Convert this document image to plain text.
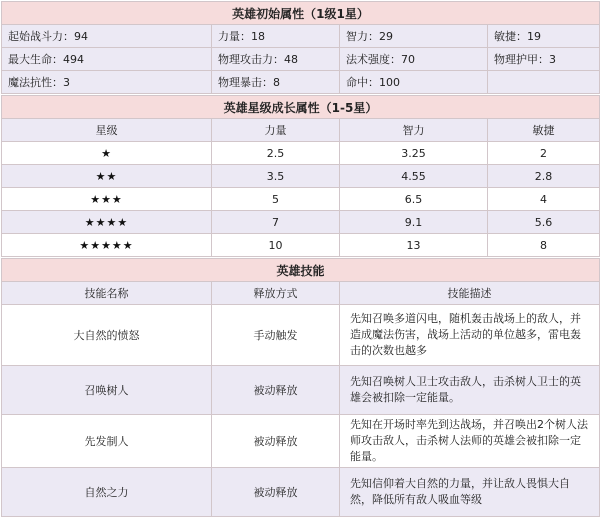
英雄初始属性（1级1星）			
起始战斗力：94	力量：18	智力：29	敏捷：19
最大生命：494	物理攻击力：48	法术强度：70	物理护甲：3
魔法抗性：3	物理暴击：8	命中：100	
英雄星级成长属性（1-5星）			
星级	力量	智力	敏捷
★	2.5	3.25	2
★★	3.5	4.55	2.8
★★★	5	6.5	4
★★★★	7	9.1	5.6
★★★★★	10	13	8
英雄技能		
技能名称	释放方式	技能描述
大自然的愤怒	手动触发	先知召唤多道闪电，随机轰击战场上的敌人，并造成魔法伤害，战场上活动的单位越多，雷电轰击的次数也越多
召唤树人	被动释放	先知召唤树人卫士攻击敌人，击杀树人卫士的英雄会被扣除一定能量。
先发制人	被动释放	先知在开场时率先到达战场，并召唤出2个树人法师攻击敌人，击杀树人法师的英雄会被扣除一定能量。
自然之力	被动释放	先知信仰着大自然的力量，并让敌人畏惧大自然，降低所有敌人吸血等级
